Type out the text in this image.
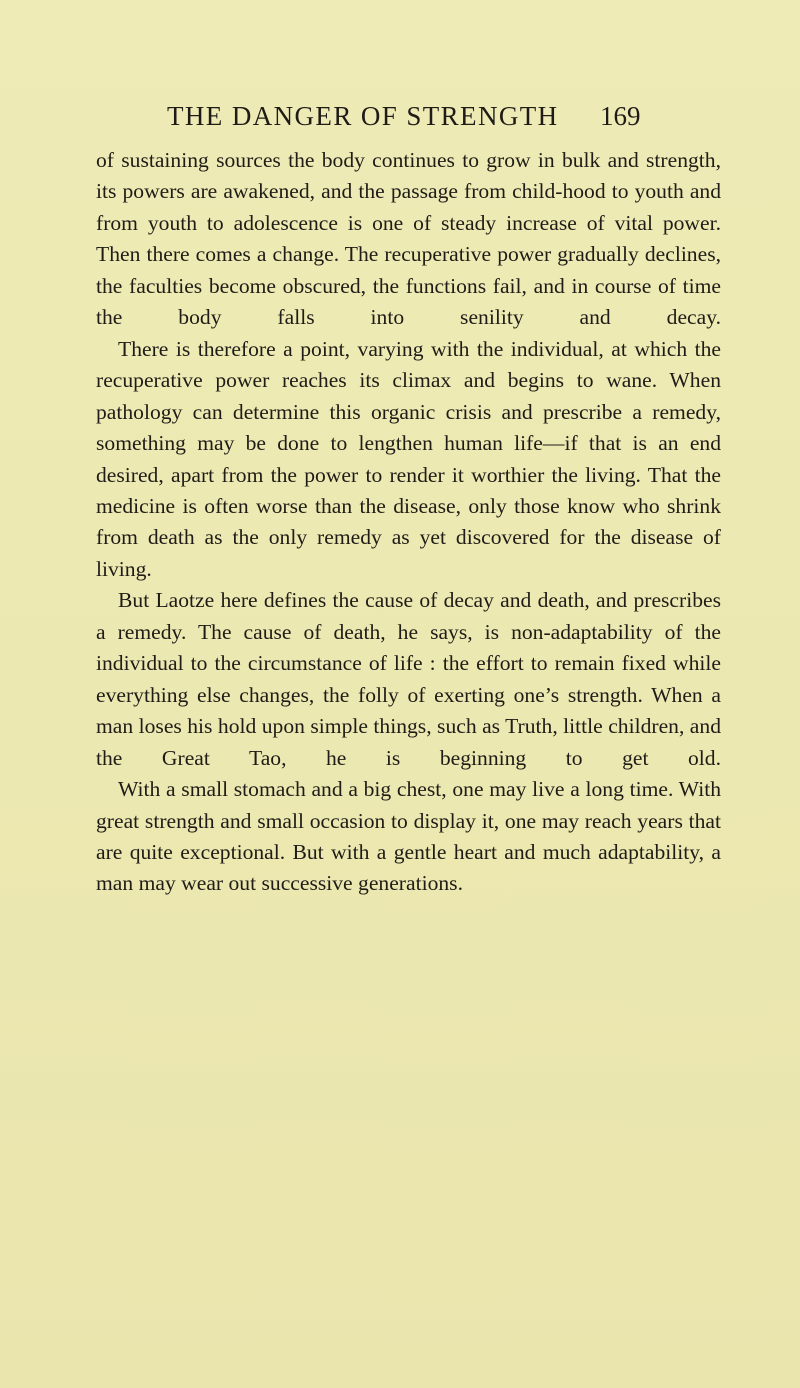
THE DANGER OF STRENGTH 169

of sustaining sources the body continues to grow in bulk and strength, its powers are awakened, and the passage from child-hood to youth and from youth to adolescence is one of steady increase of vital power. Then there comes a change. The recuperative power gradually declines, the faculties become obscured, the functions fail, and in course of time the body falls into senility and decay.

There is therefore a point, varying with the individual, at which the recuperative power reaches its climax and begins to wane. When pathology can determine this organic crisis and prescribe a remedy, something may be done to lengthen human life—if that is an end desired, apart from the power to render it worthier the living. That the medicine is often worse than the disease, only those know who shrink from death as the only remedy as yet discovered for the disease of living.

But Laotze here defines the cause of decay and death, and prescribes a remedy. The cause of death, he says, is non-adaptability of the individual to the circumstance of life : the effort to remain fixed while everything else changes, the folly of exerting one’s strength. When a man loses his hold upon simple things, such as Truth, little children, and the Great Tao, he is beginning to get old.

With a small stomach and a big chest, one may live a long time. With great strength and small occasion to display it, one may reach years that are quite exceptional. But with a gentle heart and much adaptability, a man may wear out successive generations.
